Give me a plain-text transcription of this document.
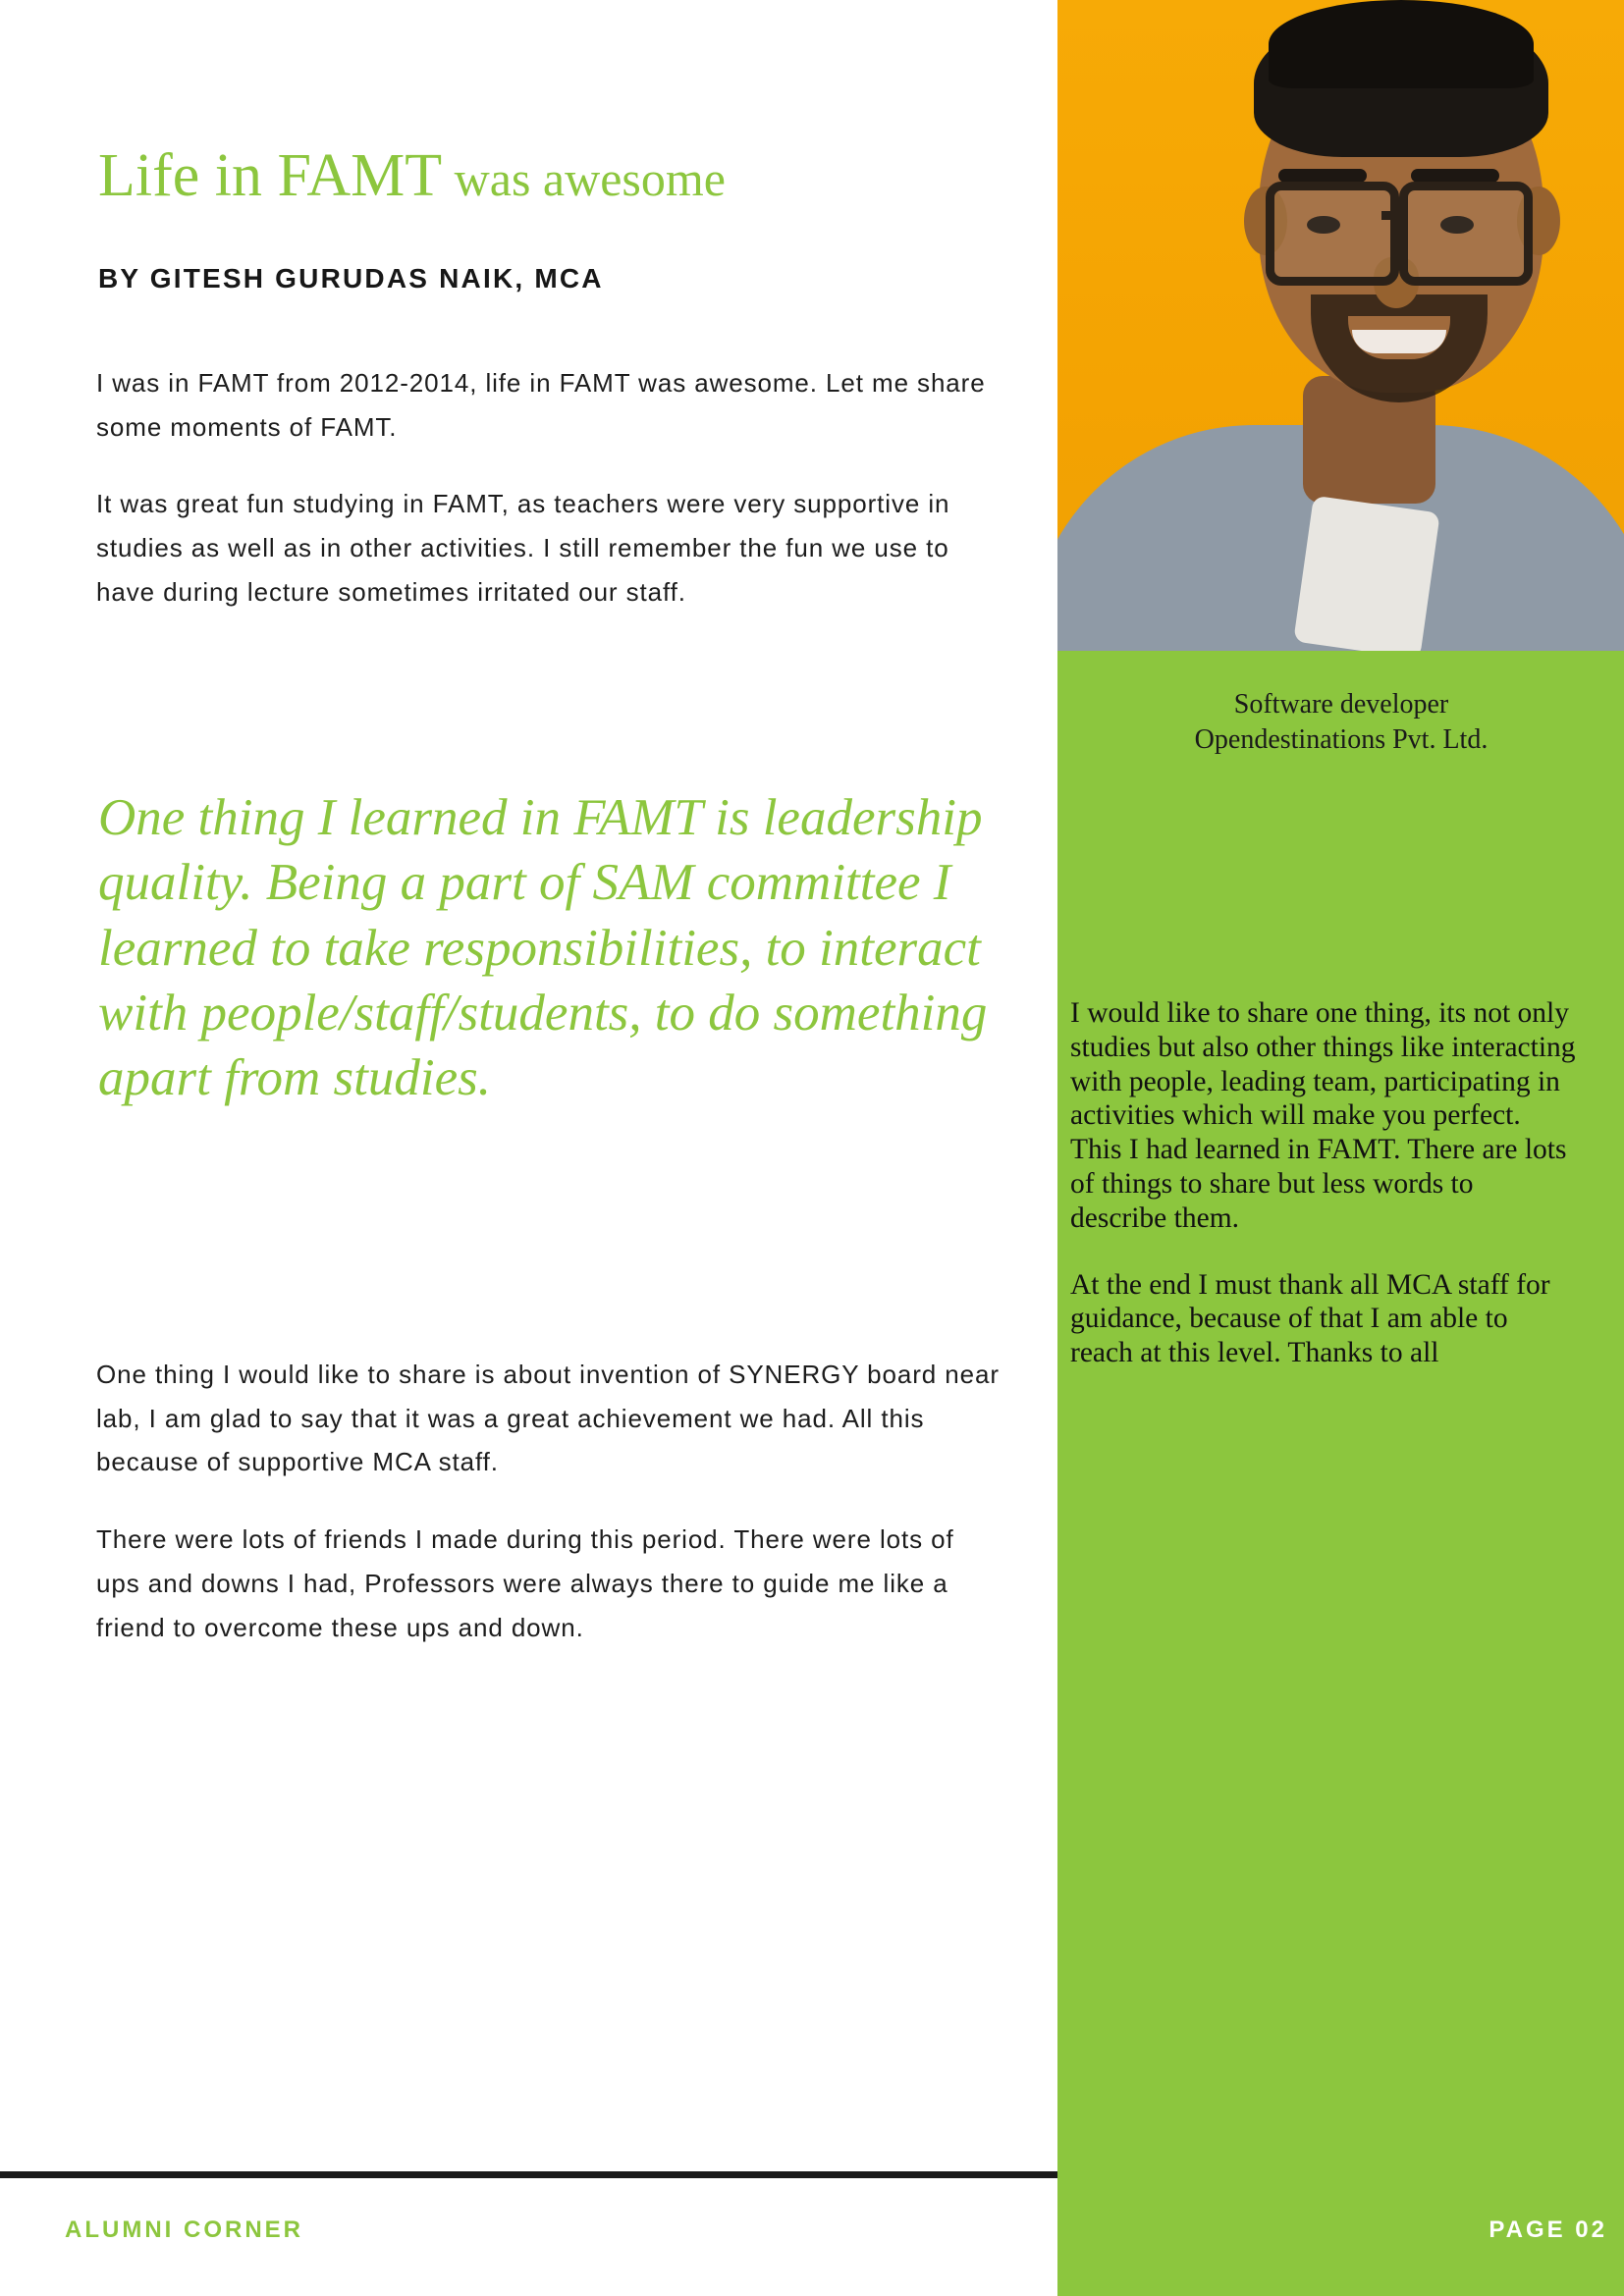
Software developer
Opendestinations Pvt. Ltd.

I would like to share one thing, its not only studies but also other things like interacting with people, leading team, participating in activities which will make you perfect. This I had learned in FAMT. There are lots of things to share but less words to describe them.

At the end I must thank all MCA staff for guidance, because of that I am able to reach at this level. Thanks to all

Life in FAMT was awesome
BY GITESH GURUDAS NAIK, MCA

I was in FAMT from 2012-2014, life in FAMT was awesome. Let me share some moments of FAMT.

It was great fun studying in FAMT, as teachers were very supportive in studies as well as in other activities. I still remember the fun we use to have during lecture sometimes irritated our staff.

One thing I learned in FAMT is leadership quality. Being a part of SAM committee I learned to take responsibilities, to interact with people/staff/students, to do something apart from studies.

One thing I would like to share is about invention of SYNERGY board near lab, I am glad to say that it was a great achievement we had. All this because of supportive MCA staff.

There were lots of friends I made during this period. There were lots of ups and downs I had, Professors were always there to guide me like a friend to overcome these ups and down.

ALUMNI CORNER	PAGE 02
